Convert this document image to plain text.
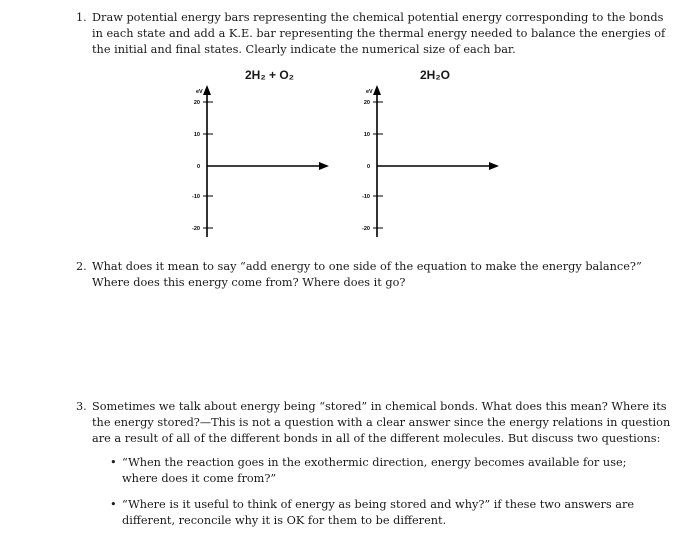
1. Draw potential energy bars representing the chemical potential energy corresponding to the bonds
in each state and add a K.E. bar representing the thermal energy needed to balance the energies of
the initial and final states. Clearly indicate the numerical size of each bar.
2H₂ + O₂	2H₂O
eV
20
10
0
-10
-20
eV
20
10
0
-10
-20
2. What does it mean to say “add energy to one side of the equation to make the energy balance?”
Where does this energy come from? Where does it go?
3. Sometimes we talk about energy being “stored” in chemical bonds. What does this mean? Where its
the energy stored?—This is not a question with a clear answer since the energy relations in question
are a result of all of the different bonds in all of the different molecules. But discuss two questions:
• “When the reaction goes in the exothermic direction, energy becomes available for use; where does it come from?”
• “Where is it useful to think of energy as being stored and why?” if these two answers are different, reconcile why it is OK for them to be different.
